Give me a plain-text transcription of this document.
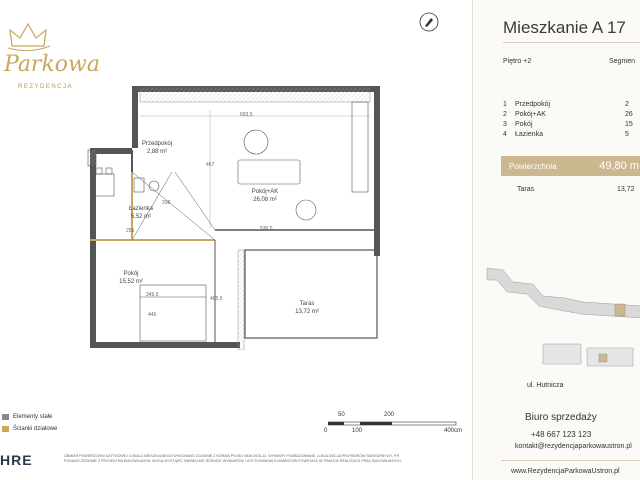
Parkowa
REZYDENCJA
Przedpokój
2,88 m²
Łazienka
5,52 m²
Pokój+AK
26,08 m²
Pokój
15,52 m²
Taras
13,72 m²
693,5
467
530,5
208
446
349,5
255
485,5
Elementy stałe
Ścianki działowe
50	200
0	100	400cm
HRE	OBMIAR POWIERZCHNI UŻYTKOWEJ LOKALU MIESZKALNEGO WYKONANO ZGODNIE Z NORMĄ PN-ISO 9836:2015-12. WYMIARY PODBUDOWANE, LOKALIZACJA PRZYBORÓW SANITARNYCH, P.P.
PODANO ZGODNIE Z PROJEKTEM BUDOWLANYM. MOGĄ WYSTĄPIĆ NIEWIELKIE RÓŻNICE WYMIARÓW I USYTUOWANIA ELEMENTÓW POWSTAŁE W TRAKCIE REALIZACJI PRAC BUDOWLANYCH.
Mieszkanie A 17
Piętro +2	Segmen
1	Przedpokój	2
2	Pokój+AK	26
3	Pokój	15
4	Łazienka	5
Powierzchnia	49,80 m
Taras	13,72
ul. Hutnicza
Biuro sprzedaży
+48 667 123 123
kontakt@rezydencjaparkowaustron.pl
www.RezydencjaParkowaUstron.pl
